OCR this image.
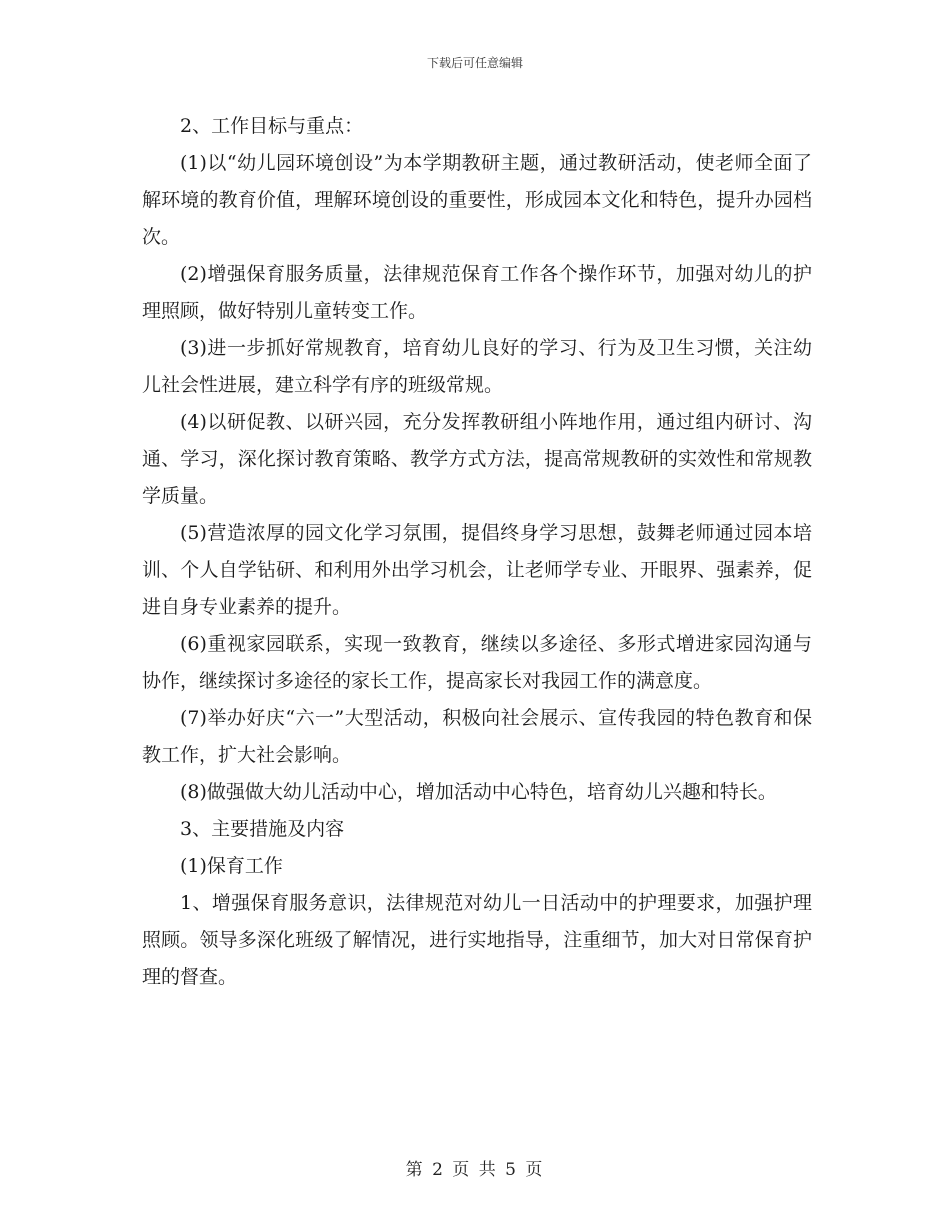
下载后可任意编辑

2、工作目标与重点：

(1)以“幼儿园环境创设”为本学期教研主题，通过教研活动，使老师全面了解环境的教育价值，理解环境创设的重要性，形成园本文化和特色，提升办园档次。

(2)增强保育服务质量，法律规范保育工作各个操作环节，加强对幼儿的护理照顾，做好特别儿童转变工作。

(3)进一步抓好常规教育，培育幼儿良好的学习、行为及卫生习惯，关注幼儿社会性进展，建立科学有序的班级常规。

(4)以研促教、以研兴园，充分发挥教研组小阵地作用，通过组内研讨、沟通、学习，深化探讨教育策略、教学方式方法，提高常规教研的实效性和常规教学质量。

(5)营造浓厚的园文化学习氛围，提倡终身学习思想，鼓舞老师通过园本培训、个人自学钻研、和利用外出学习机会，让老师学专业、开眼界、强素养，促进自身专业素养的提升。

(6)重视家园联系，实现一致教育，继续以多途径、多形式增进家园沟通与协作，继续探讨多途径的家长工作，提高家长对我园工作的满意度。

(7)举办好庆“六一”大型活动，积极向社会展示、宣传我园的特色教育和保教工作，扩大社会影响。

(8)做强做大幼儿活动中心，增加活动中心特色，培育幼儿兴趣和特长。

3、主要措施及内容

(1)保育工作

1、增强保育服务意识，法律规范对幼儿一日活动中的护理要求，加强护理照顾。领导多深化班级了解情况，进行实地指导，注重细节，加大对日常保育护理的督查。

第 2 页 共 5 页
